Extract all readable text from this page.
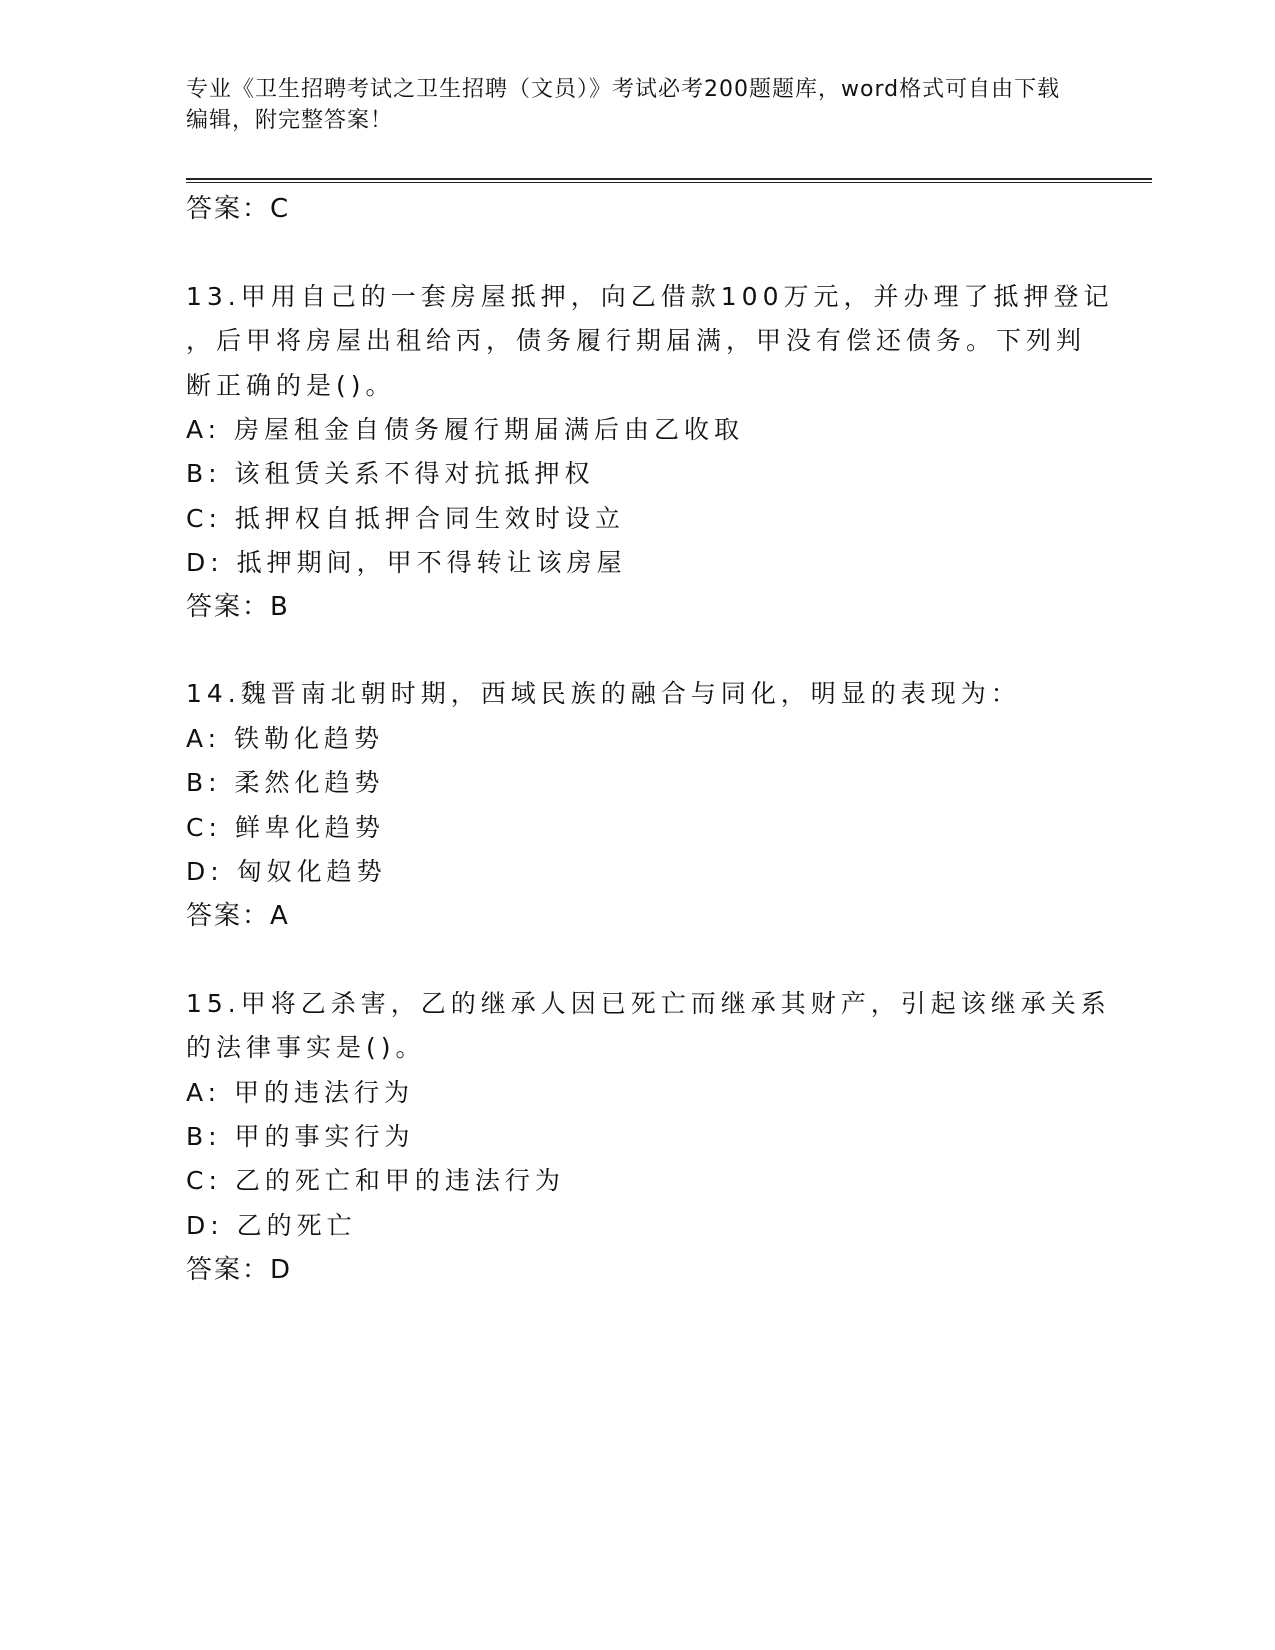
专业《卫生招聘考试之卫生招聘（文员）》考试必考200题题库，word格式可自由下载编辑，附完整答案！
答案：C
13.甲用自己的一套房屋抵押，向乙借款100万元，并办理了抵押登记
，后甲将房屋出租给丙，债务履行期届满，甲没有偿还债务。下列判
断正确的是()。
A: 房屋租金自债务履行期届满后由乙收取
B: 该租赁关系不得对抗抵押权
C: 抵押权自抵押合同生效时设立
D: 抵押期间，甲不得转让该房屋
答案：B
14.魏晋南北朝时期，西域民族的融合与同化，明显的表现为：
A: 铁勒化趋势
B: 柔然化趋势
C: 鲜卑化趋势
D: 匈奴化趋势
答案：A
15.甲将乙杀害，乙的继承人因已死亡而继承其财产，引起该继承关系
的法律事实是()。
A: 甲的违法行为
B: 甲的事实行为
C: 乙的死亡和甲的违法行为
D: 乙的死亡
答案：D
